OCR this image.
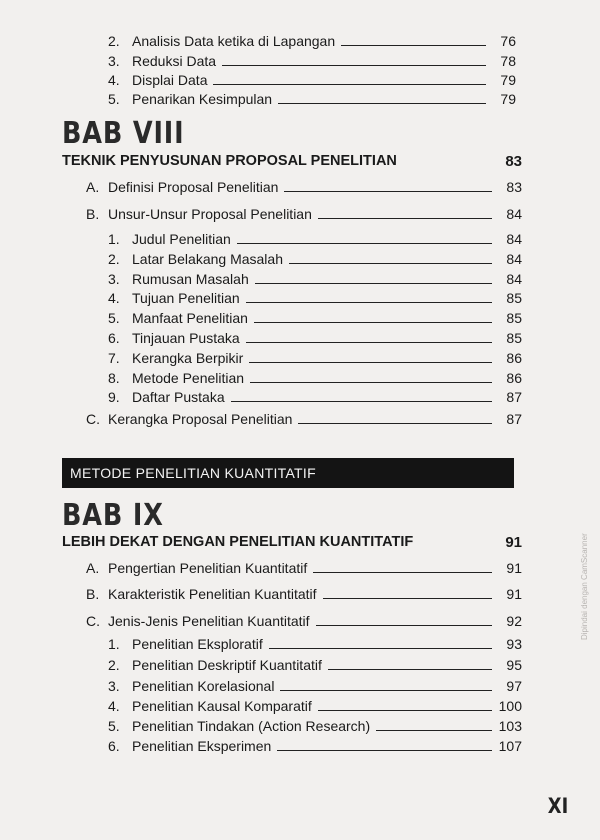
2. Analisis Data ketika di Lapangan	76
3. Reduksi Data	78
4. Displai Data	79
5. Penarikan Kesimpulan	79
BAB VIII
TEKNIK PENYUSUNAN PROPOSAL PENELITIAN	83
A. Definisi Proposal Penelitian	83
B. Unsur-Unsur Proposal Penelitian	84
1. Judul Penelitian	84
2. Latar Belakang Masalah	84
3. Rumusan Masalah	84
4. Tujuan Penelitian	85
5. Manfaat Penelitian	85
6. Tinjauan Pustaka	85
7. Kerangka Berpikir	86
8. Metode Penelitian	86
9. Daftar Pustaka	87
C. Kerangka Proposal Penelitian	87
METODE PENELITIAN KUANTITATIF
BAB IX
LEBIH DEKAT DENGAN PENELITIAN KUANTITATIF	91
A. Pengertian Penelitian Kuantitatif	91
B. Karakteristik Penelitian Kuantitatif	91
C. Jenis-Jenis Penelitian Kuantitatif	92
1. Penelitian Eksploratif	93
2. Penelitian Deskriptif Kuantitatif	95
3. Penelitian Korelasional	97
4. Penelitian Kausal Komparatif	100
5. Penelitian Tindakan (Action Research)	103
6. Penelitian Eksperimen	107
XI
Dipindai dengan CamScanner
